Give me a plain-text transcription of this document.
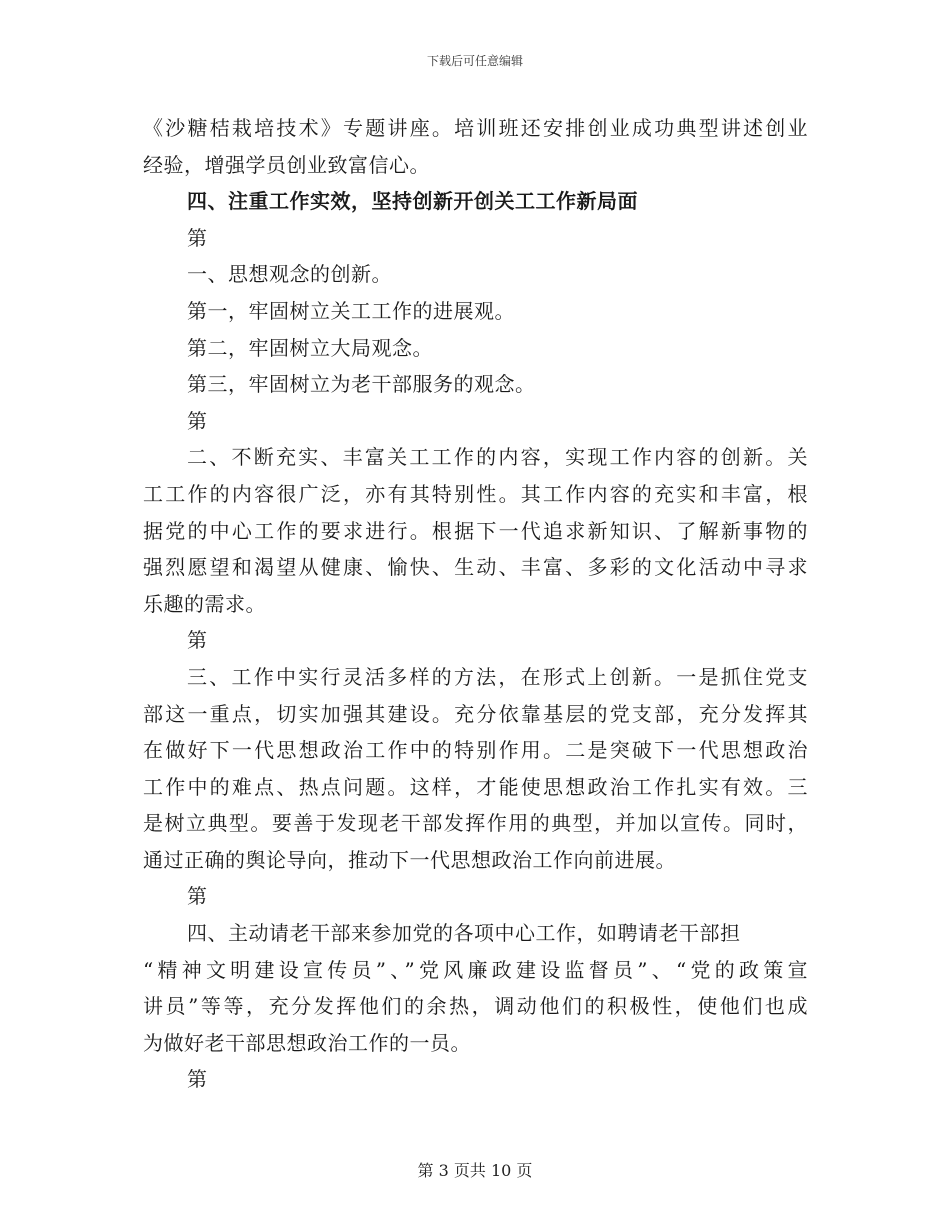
下载后可任意编辑
《沙糖桔栽培技术》专题讲座。培训班还安排创业成功典型讲述创业
经验，增强学员创业致富信心。
四、注重工作实效，坚持创新开创关工工作新局面
第
一、思想观念的创新。
第一，牢固树立关工工作的进展观。
第二，牢固树立大局观念。
第三，牢固树立为老干部服务的观念。
第
二、不断充实、丰富关工工作的内容，实现工作内容的创新。关
工工作的内容很广泛，亦有其特别性。其工作内容的充实和丰富，根
据党的中心工作的要求进行。根据下一代追求新知识、了解新事物的
强烈愿望和渴望从健康、愉快、生动、丰富、多彩的文化活动中寻求
乐趣的需求。
第
三、工作中实行灵活多样的方法，在形式上创新。一是抓住党支
部这一重点，切实加强其建设。充分依靠基层的党支部，充分发挥其
在做好下一代思想政治工作中的特别作用。二是突破下一代思想政治
工作中的难点、热点问题。这样，才能使思想政治工作扎实有效。三
是树立典型。要善于发现老干部发挥作用的典型，并加以宣传。同时，
通过正确的舆论导向，推动下一代思想政治工作向前进展。
第
四、主动请老干部来参加党的各项中心工作，如聘请老干部担
“精神文明建设宣传员”、”党风廉政建设监督员”、“党的政策宣
讲员”等等，充分发挥他们的余热，调动他们的积极性，使他们也成
为做好老干部思想政治工作的一员。
第
第 3 页共 10 页
